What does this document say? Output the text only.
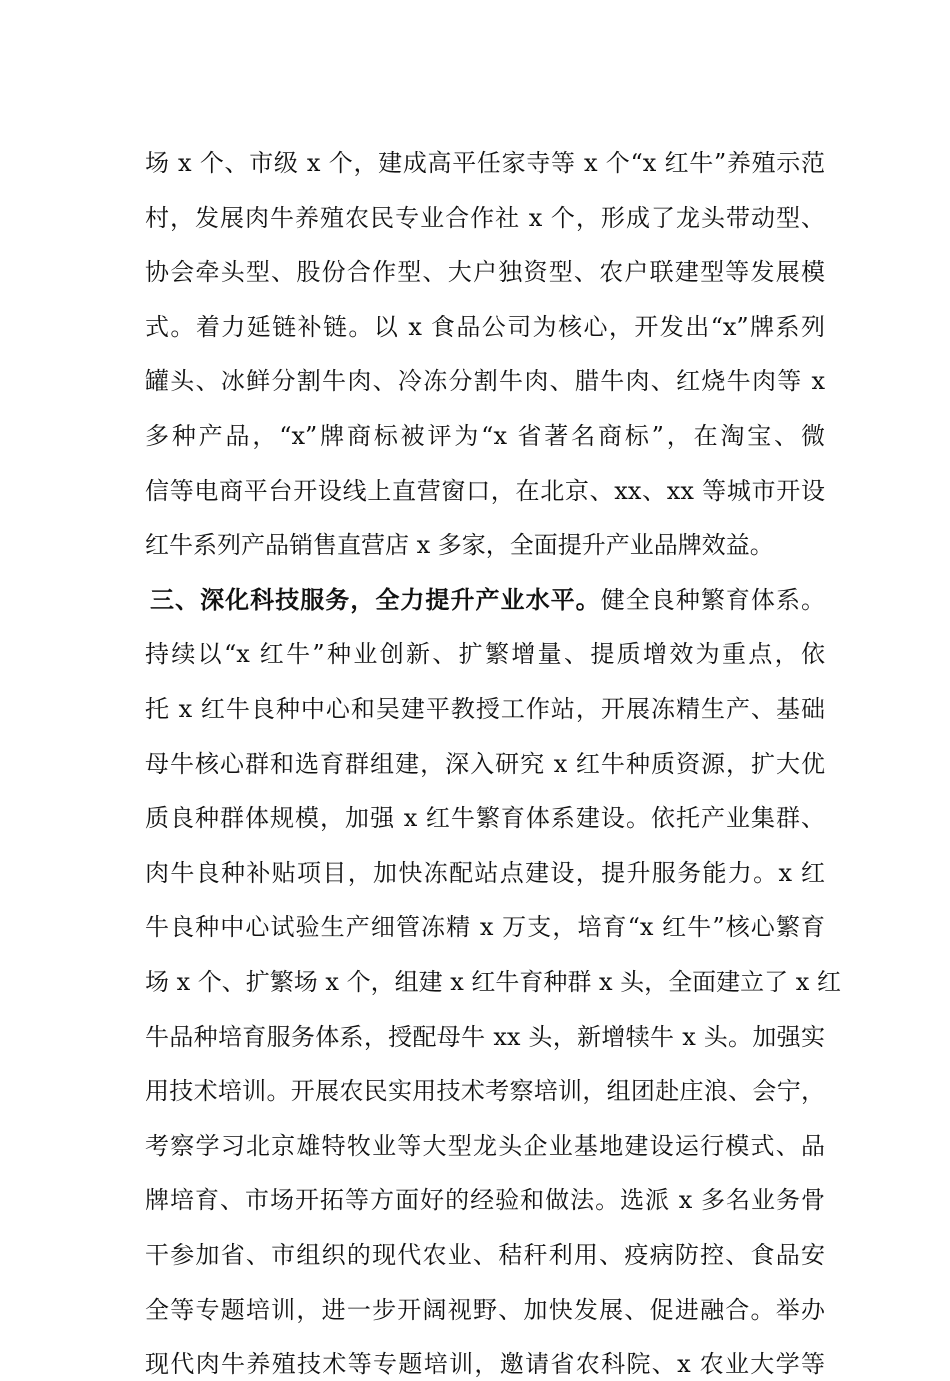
场 x 个、市级 x 个，建成高平任家寺等 x 个“x 红牛”养殖示范
村，发展肉牛养殖农民专业合作社 x 个，形成了龙头带动型、
协会牵头型、股份合作型、大户独资型、农户联建型等发展模
式。着力延链补链。以 x 食品公司为核心，开发出“x”牌系列
罐头、冰鲜分割牛肉、冷冻分割牛肉、腊牛肉、红烧牛肉等 x
多种产品，“x”牌商标被评为“x 省著名商标”，在淘宝、微
信等电商平台开设线上直营窗口，在北京、xx、xx 等城市开设
红牛系列产品销售直营店 x 多家，全面提升产业品牌效益。
三、深化科技服务，全力提升产业水平。健全良种繁育体系。
持续以“x 红牛”种业创新、扩繁增量、提质增效为重点，依
托 x 红牛良种中心和吴建平教授工作站，开展冻精生产、基础
母牛核心群和选育群组建，深入研究 x 红牛种质资源，扩大优
质良种群体规模，加强 x 红牛繁育体系建设。依托产业集群、
肉牛良种补贴项目，加快冻配站点建设，提升服务能力。x 红
牛良种中心试验生产细管冻精 x 万支，培育“x 红牛”核心繁育
场 x 个、扩繁场 x 个，组建 x 红牛育种群 x 头，全面建立了 x 红
牛品种培育服务体系，授配母牛 xx 头，新增犊牛 x 头。加强实
用技术培训。开展农民实用技术考察培训，组团赴庄浪、会宁，
考察学习北京雄特牧业等大型龙头企业基地建设运行模式、品
牌培育、市场开拓等方面好的经验和做法。选派 x 多名业务骨
干参加省、市组织的现代农业、秸秆利用、疫病防控、食品安
全等专题培训，进一步开阔视野、加快发展、促进融合。举办
现代肉牛养殖技术等专题培训，邀请省农科院、x 农业大学等
